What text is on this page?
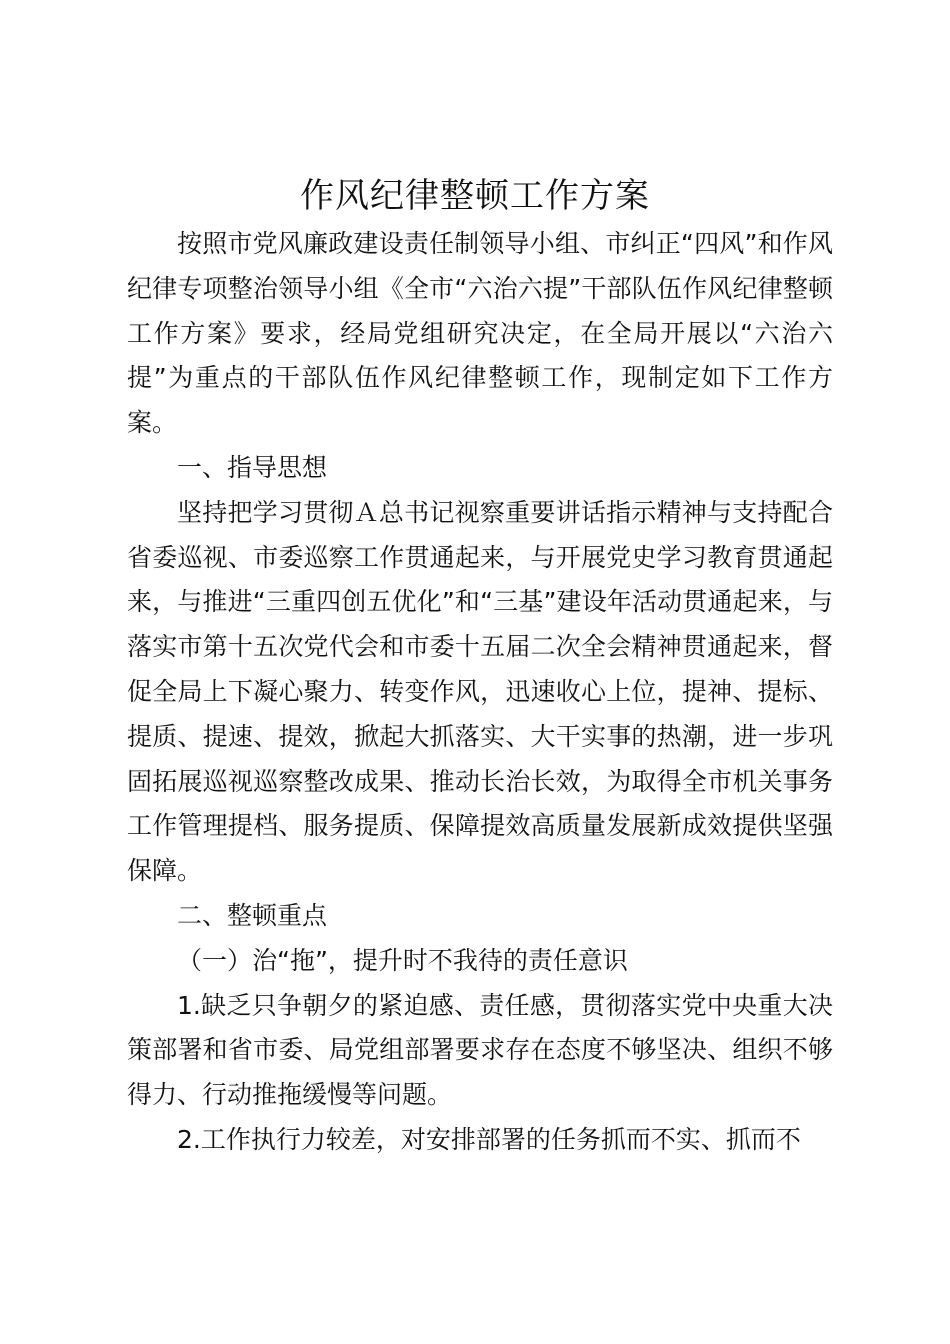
作风纪律整顿工作方案

按照市党风廉政建设责任制领导小组、市纠正“四风”和作风纪律专项整治领导小组《全市“六治六提”干部队伍作风纪律整顿工作方案》要求，经局党组研究决定，在全局开展以“六治六提”为重点的干部队伍作风纪律整顿工作，现制定如下工作方案。

一、指导思想

坚持把学习贯彻Ａ总书记视察重要讲话指示精神与支持配合省委巡视、市委巡察工作贯通起来，与开展党史学习教育贯通起来，与推进“三重四创五优化”和“三基”建设年活动贯通起来，与落实市第十五次党代会和市委十五届二次全会精神贯通起来，督促全局上下凝心聚力、转变作风，迅速收心上位，提神、提标、提质、提速、提效，掀起大抓落实、大干实事的热潮，进一步巩固拓展巡视巡察整改成果、推动长治长效，为取得全市机关事务工作管理提档、服务提质、保障提效高质量发展新成效提供坚强保障。

二、整顿重点

（一）治“拖”，提升时不我待的责任意识

1.缺乏只争朝夕的紧迫感、责任感，贯彻落实党中央重大决策部署和省市委、局党组部署要求存在态度不够坚决、组织不够得力、行动推拖缓慢等问题。

2.工作执行力较差，对安排部署的任务抓而不实、抓而不
